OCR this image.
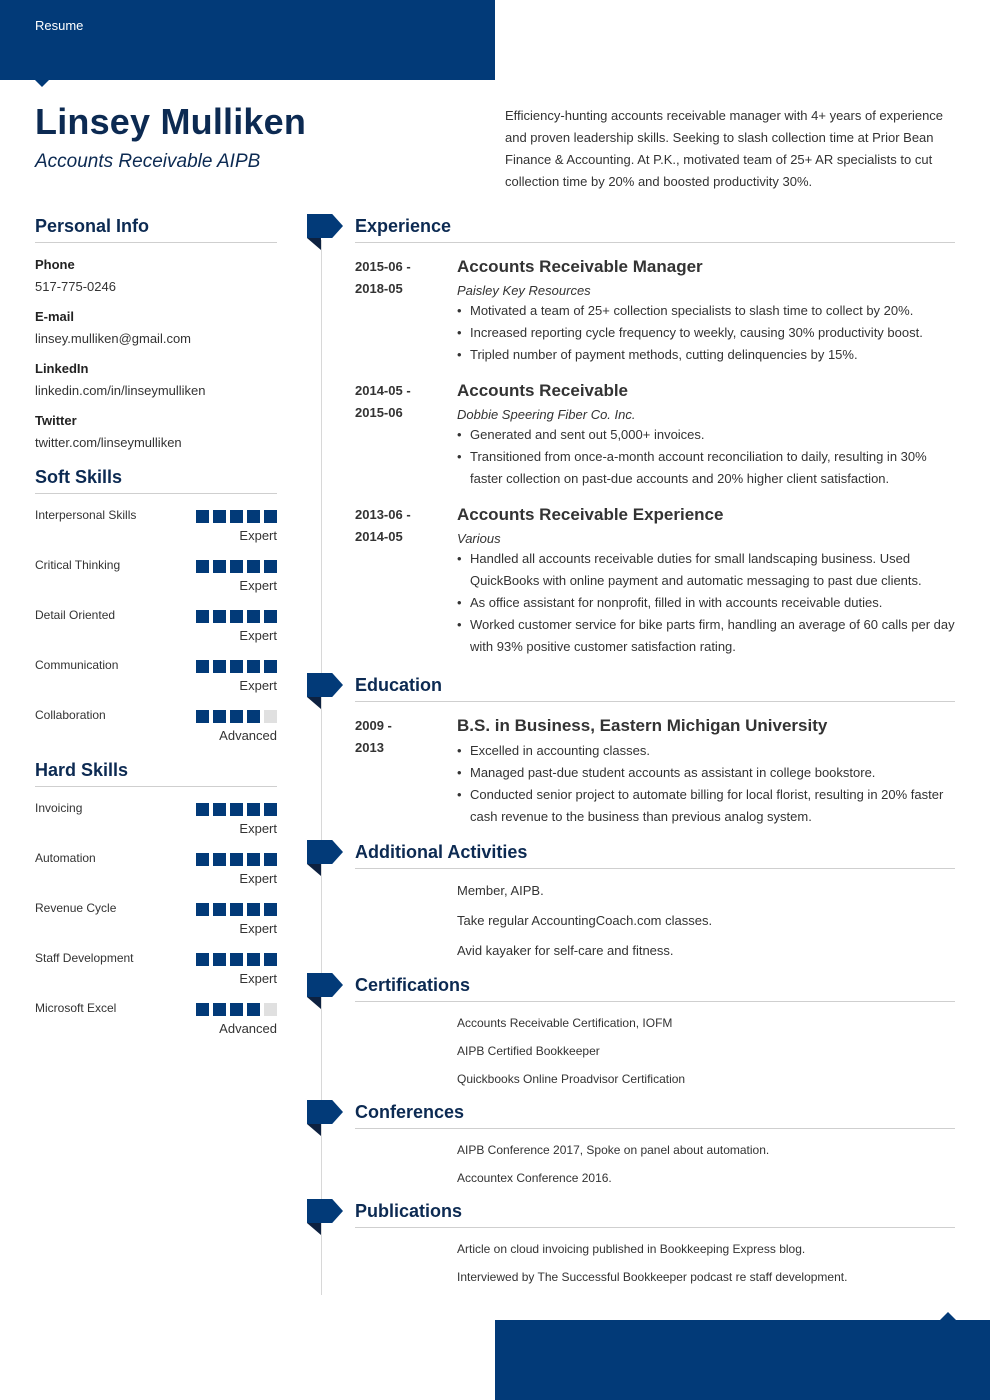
Resume
Linsey Mulliken
Accounts Receivable AIPB
Efficiency-hunting accounts receivable manager with 4+ years of experience and proven leadership skills. Seeking to slash collection time at Prior Bean Finance & Accounting. At P.K., motivated team of 25+ AR specialists to cut collection time by 20% and boosted productivity 30%.
Personal Info
Phone
517-775-0246
E-mail
linsey.mulliken@gmail.com
LinkedIn
linkedin.com/in/linseymulliken
Twitter
twitter.com/linseymulliken
Soft Skills
Interpersonal Skills
Expert
Critical Thinking
Expert
Detail Oriented
Expert
Communication
Expert
Collaboration
Advanced
Hard Skills
Invoicing
Expert
Automation
Expert
Revenue Cycle
Expert
Staff Development
Expert
Microsoft Excel
Advanced
Experience
2015-06 -
2018-05
Accounts Receivable Manager
Paisley Key Resources
• Motivated a team of 25+ collection specialists to slash time to collect by 20%.
• Increased reporting cycle frequency to weekly, causing 30% productivity boost.
• Tripled number of payment methods, cutting delinquencies by 15%.
2014-05 -
2015-06
Accounts Receivable
Dobbie Speering Fiber Co. Inc.
• Generated and sent out 5,000+ invoices.
• Transitioned from once-a-month account reconciliation to daily, resulting in 30% faster collection on past-due accounts and 20% higher client satisfaction.
2013-06 -
2014-05
Accounts Receivable Experience
Various
• Handled all accounts receivable duties for small landscaping business. Used QuickBooks with online payment and automatic messaging to past due clients.
• As office assistant for nonprofit, filled in with accounts receivable duties.
• Worked customer service for bike parts firm, handling an average of 60 calls per day with 93% positive customer satisfaction rating.
Education
2009 -
2013
B.S. in Business, Eastern Michigan University
• Excelled in accounting classes.
• Managed past-due student accounts as assistant in college bookstore.
• Conducted senior project to automate billing for local florist, resulting in 20% faster cash revenue to the business than previous analog system.
Additional Activities
Member, AIPB.
Take regular AccountingCoach.com classes.
Avid kayaker for self-care and fitness.
Certifications
Accounts Receivable Certification, IOFM
AIPB Certified Bookkeeper
Quickbooks Online Proadvisor Certification
Conferences
AIPB Conference 2017, Spoke on panel about automation.
Accountex Conference 2016.
Publications
Article on cloud invoicing published in Bookkeeping Express blog.
Interviewed by The Successful Bookkeeper podcast re staff development.
